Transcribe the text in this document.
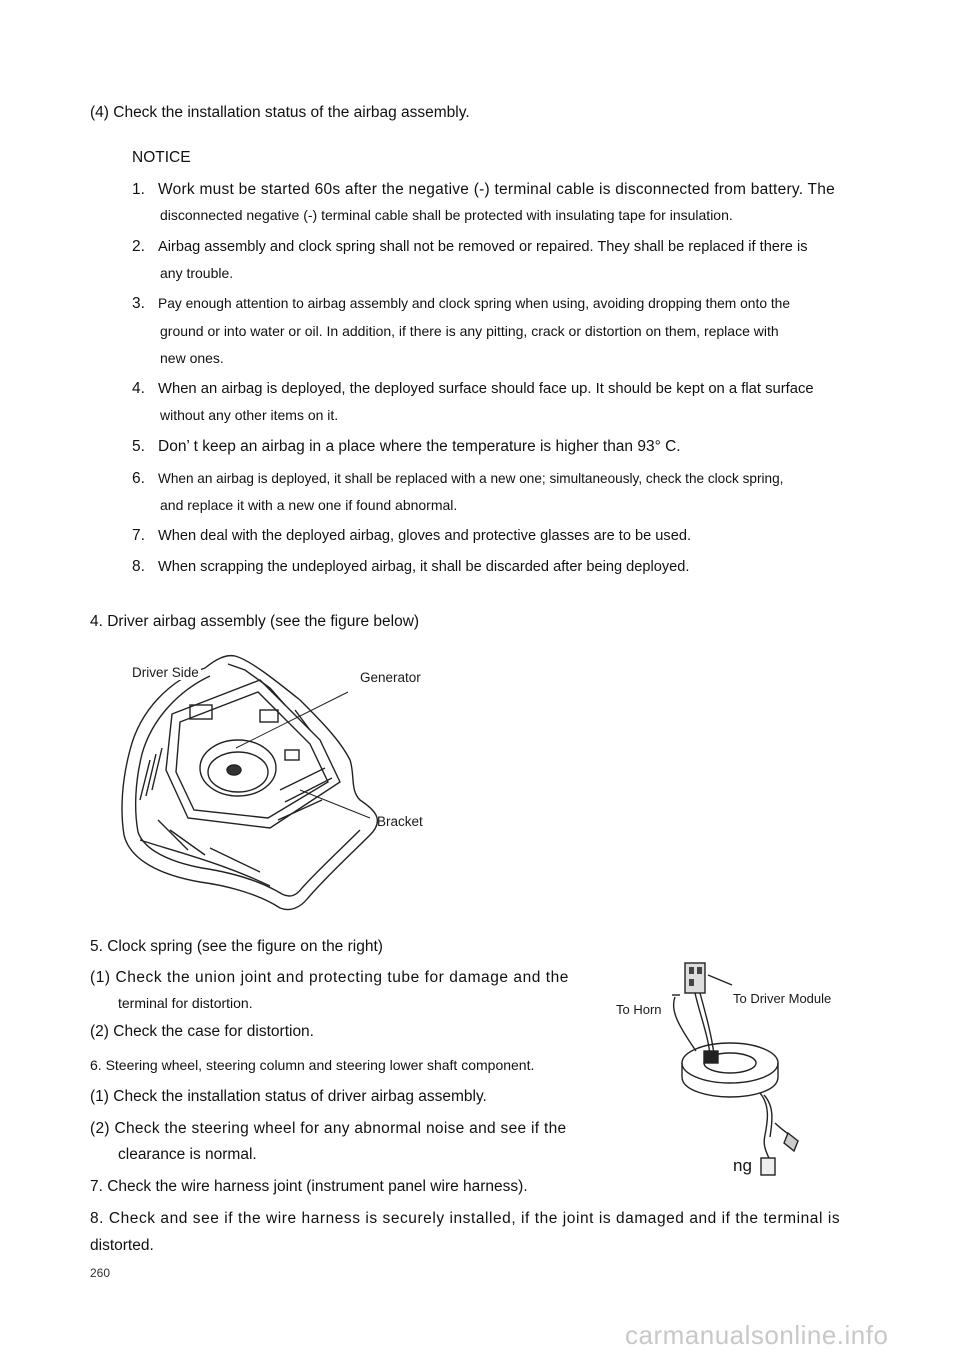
(4) Check the installation status of the airbag assembly.
NOTICE
1. Work must be started 60s after the negative (-) terminal cable is disconnected from battery. The
disconnected negative (-) terminal cable shall be protected with insulating tape for insulation.
2. Airbag assembly and clock spring shall not be removed or repaired. They shall be replaced if there is
any trouble.
3. Pay enough attention to airbag assembly and clock spring when using, avoiding dropping them onto the
ground or into water or oil. In addition, if there is any pitting, crack or distortion on them, replace with
new ones.
4. When an airbag is deployed, the deployed surface should face up. It should be kept on a flat surface
without any other items on it.
5. Don’ t keep an airbag in a place where the temperature is higher than 93° C.
6. When an airbag is deployed, it shall be replaced with a new one; simultaneously, check the clock spring,
and replace it with a new one if found abnormal.
7. When deal with the deployed airbag, gloves and protective glasses are to be used.
8. When scrapping the undeployed airbag, it shall be discarded after being deployed.
4. Driver airbag assembly (see the figure below)
Driver Side	Generator
Bracket
5. Clock spring (see the figure on the right)
(1) Check the union joint and protecting tube for damage and the
terminal for distortion.
(2) Check the case for distortion.
6. Steering wheel, steering column and steering lower shaft component.
(1) Check the installation status of driver airbag assembly.
(2) Check the steering wheel for any abnormal noise and see if the
clearance is normal.
To Horn
To Driver Module
ng
7. Check the wire harness joint (instrument panel wire harness).
8. Check and see if the wire harness is securely installed, if the joint is damaged and if the terminal is
distorted.
260
carmanualsonline.info
